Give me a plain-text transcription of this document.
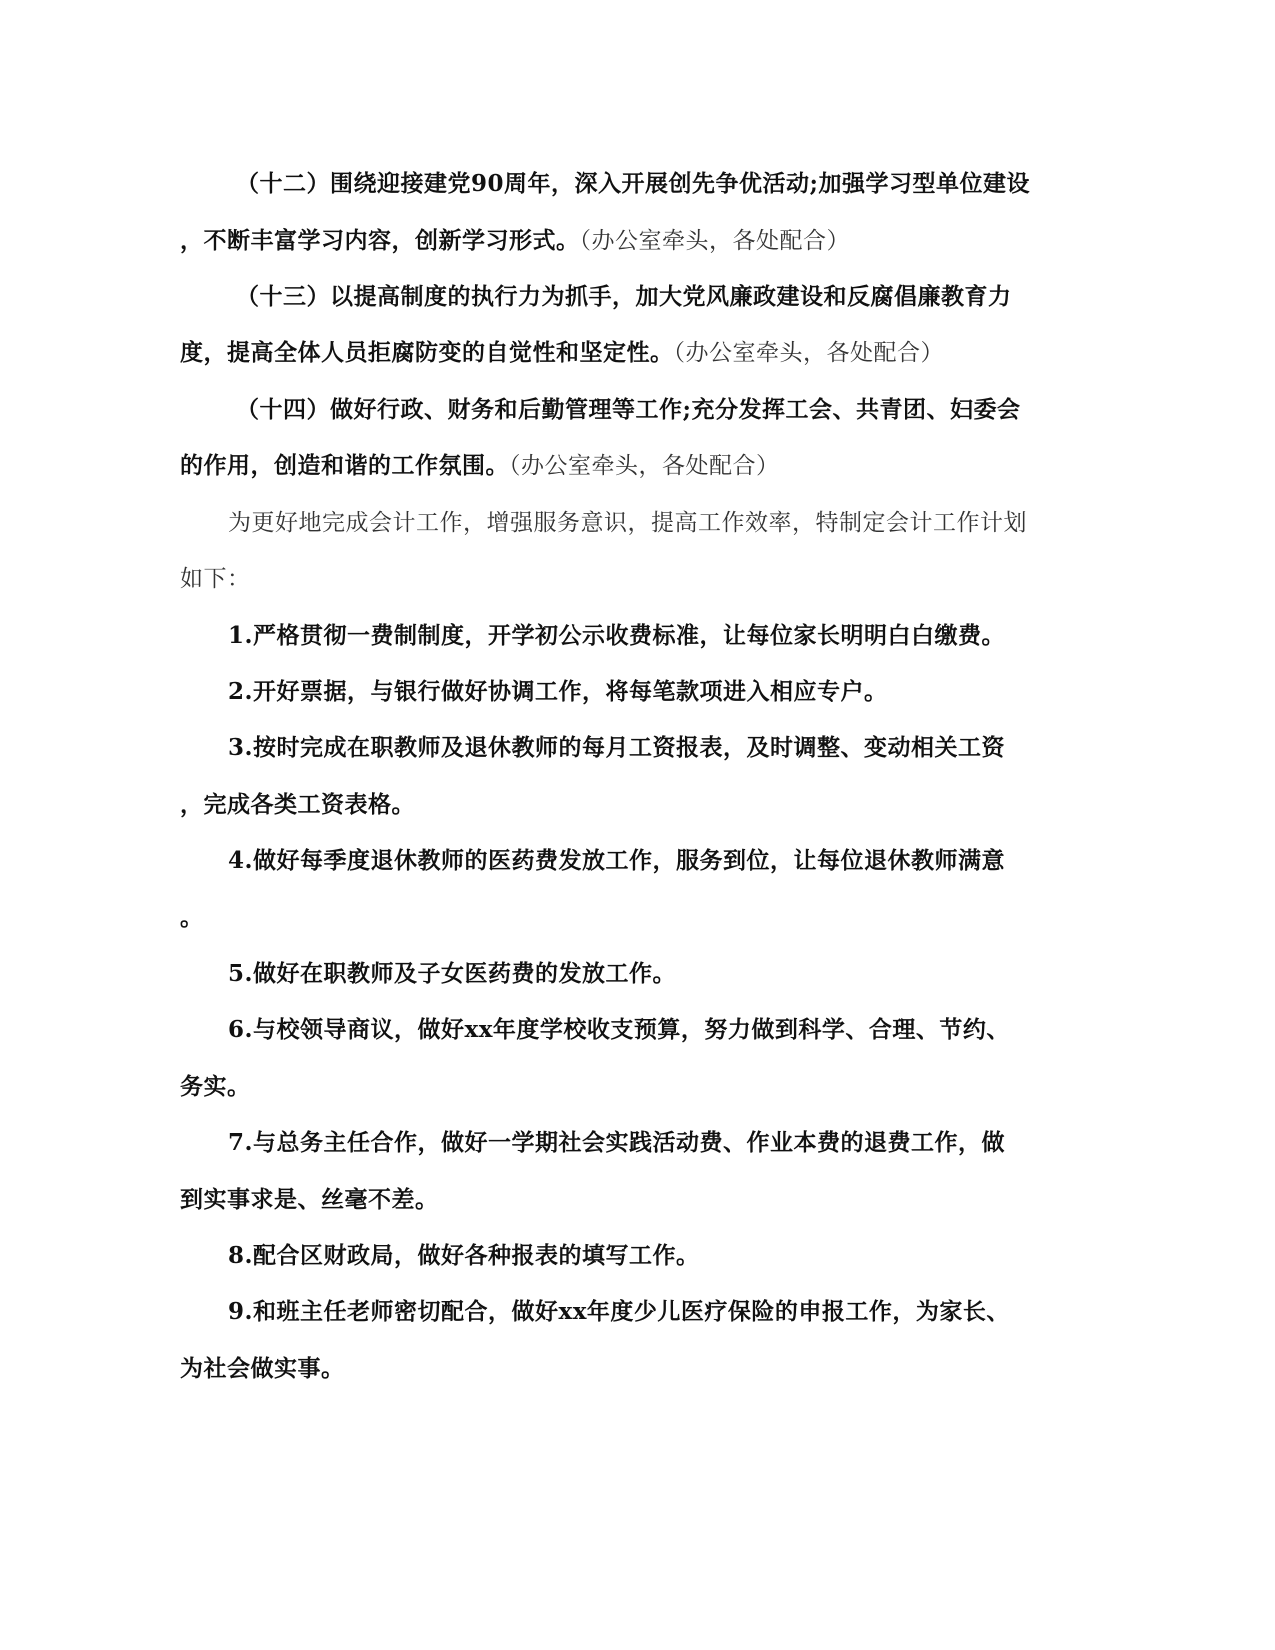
（十二）围绕迎接建党90周年，深入开展创先争优活动;加强学习型单位建设
，不断丰富学习内容，创新学习形式。（办公室牵头，各处配合）
（十三）以提高制度的执行力为抓手，加大党风廉政建设和反腐倡廉教育力
度，提高全体人员拒腐防变的自觉性和坚定性。（办公室牵头，各处配合）
（十四）做好行政、财务和后勤管理等工作;充分发挥工会、共青团、妇委会
的作用，创造和谐的工作氛围。（办公室牵头，各处配合）
为更好地完成会计工作，增强服务意识，提高工作效率，特制定会计工作计划
如下：
1.严格贯彻一费制制度，开学初公示收费标准，让每位家长明明白白缴费。
2.开好票据，与银行做好协调工作，将每笔款项进入相应专户。
3.按时完成在职教师及退休教师的每月工资报表，及时调整、变动相关工资
，完成各类工资表格。
4.做好每季度退休教师的医药费发放工作，服务到位，让每位退休教师满意
。
5.做好在职教师及子女医药费的发放工作。
6.与校领导商议，做好xx年度学校收支预算，努力做到科学、合理、节约、
务实。
7.与总务主任合作，做好一学期社会实践活动费、作业本费的退费工作，做
到实事求是、丝毫不差。
8.配合区财政局，做好各种报表的填写工作。
9.和班主任老师密切配合，做好xx年度少儿医疗保险的申报工作，为家长、
为社会做实事。
